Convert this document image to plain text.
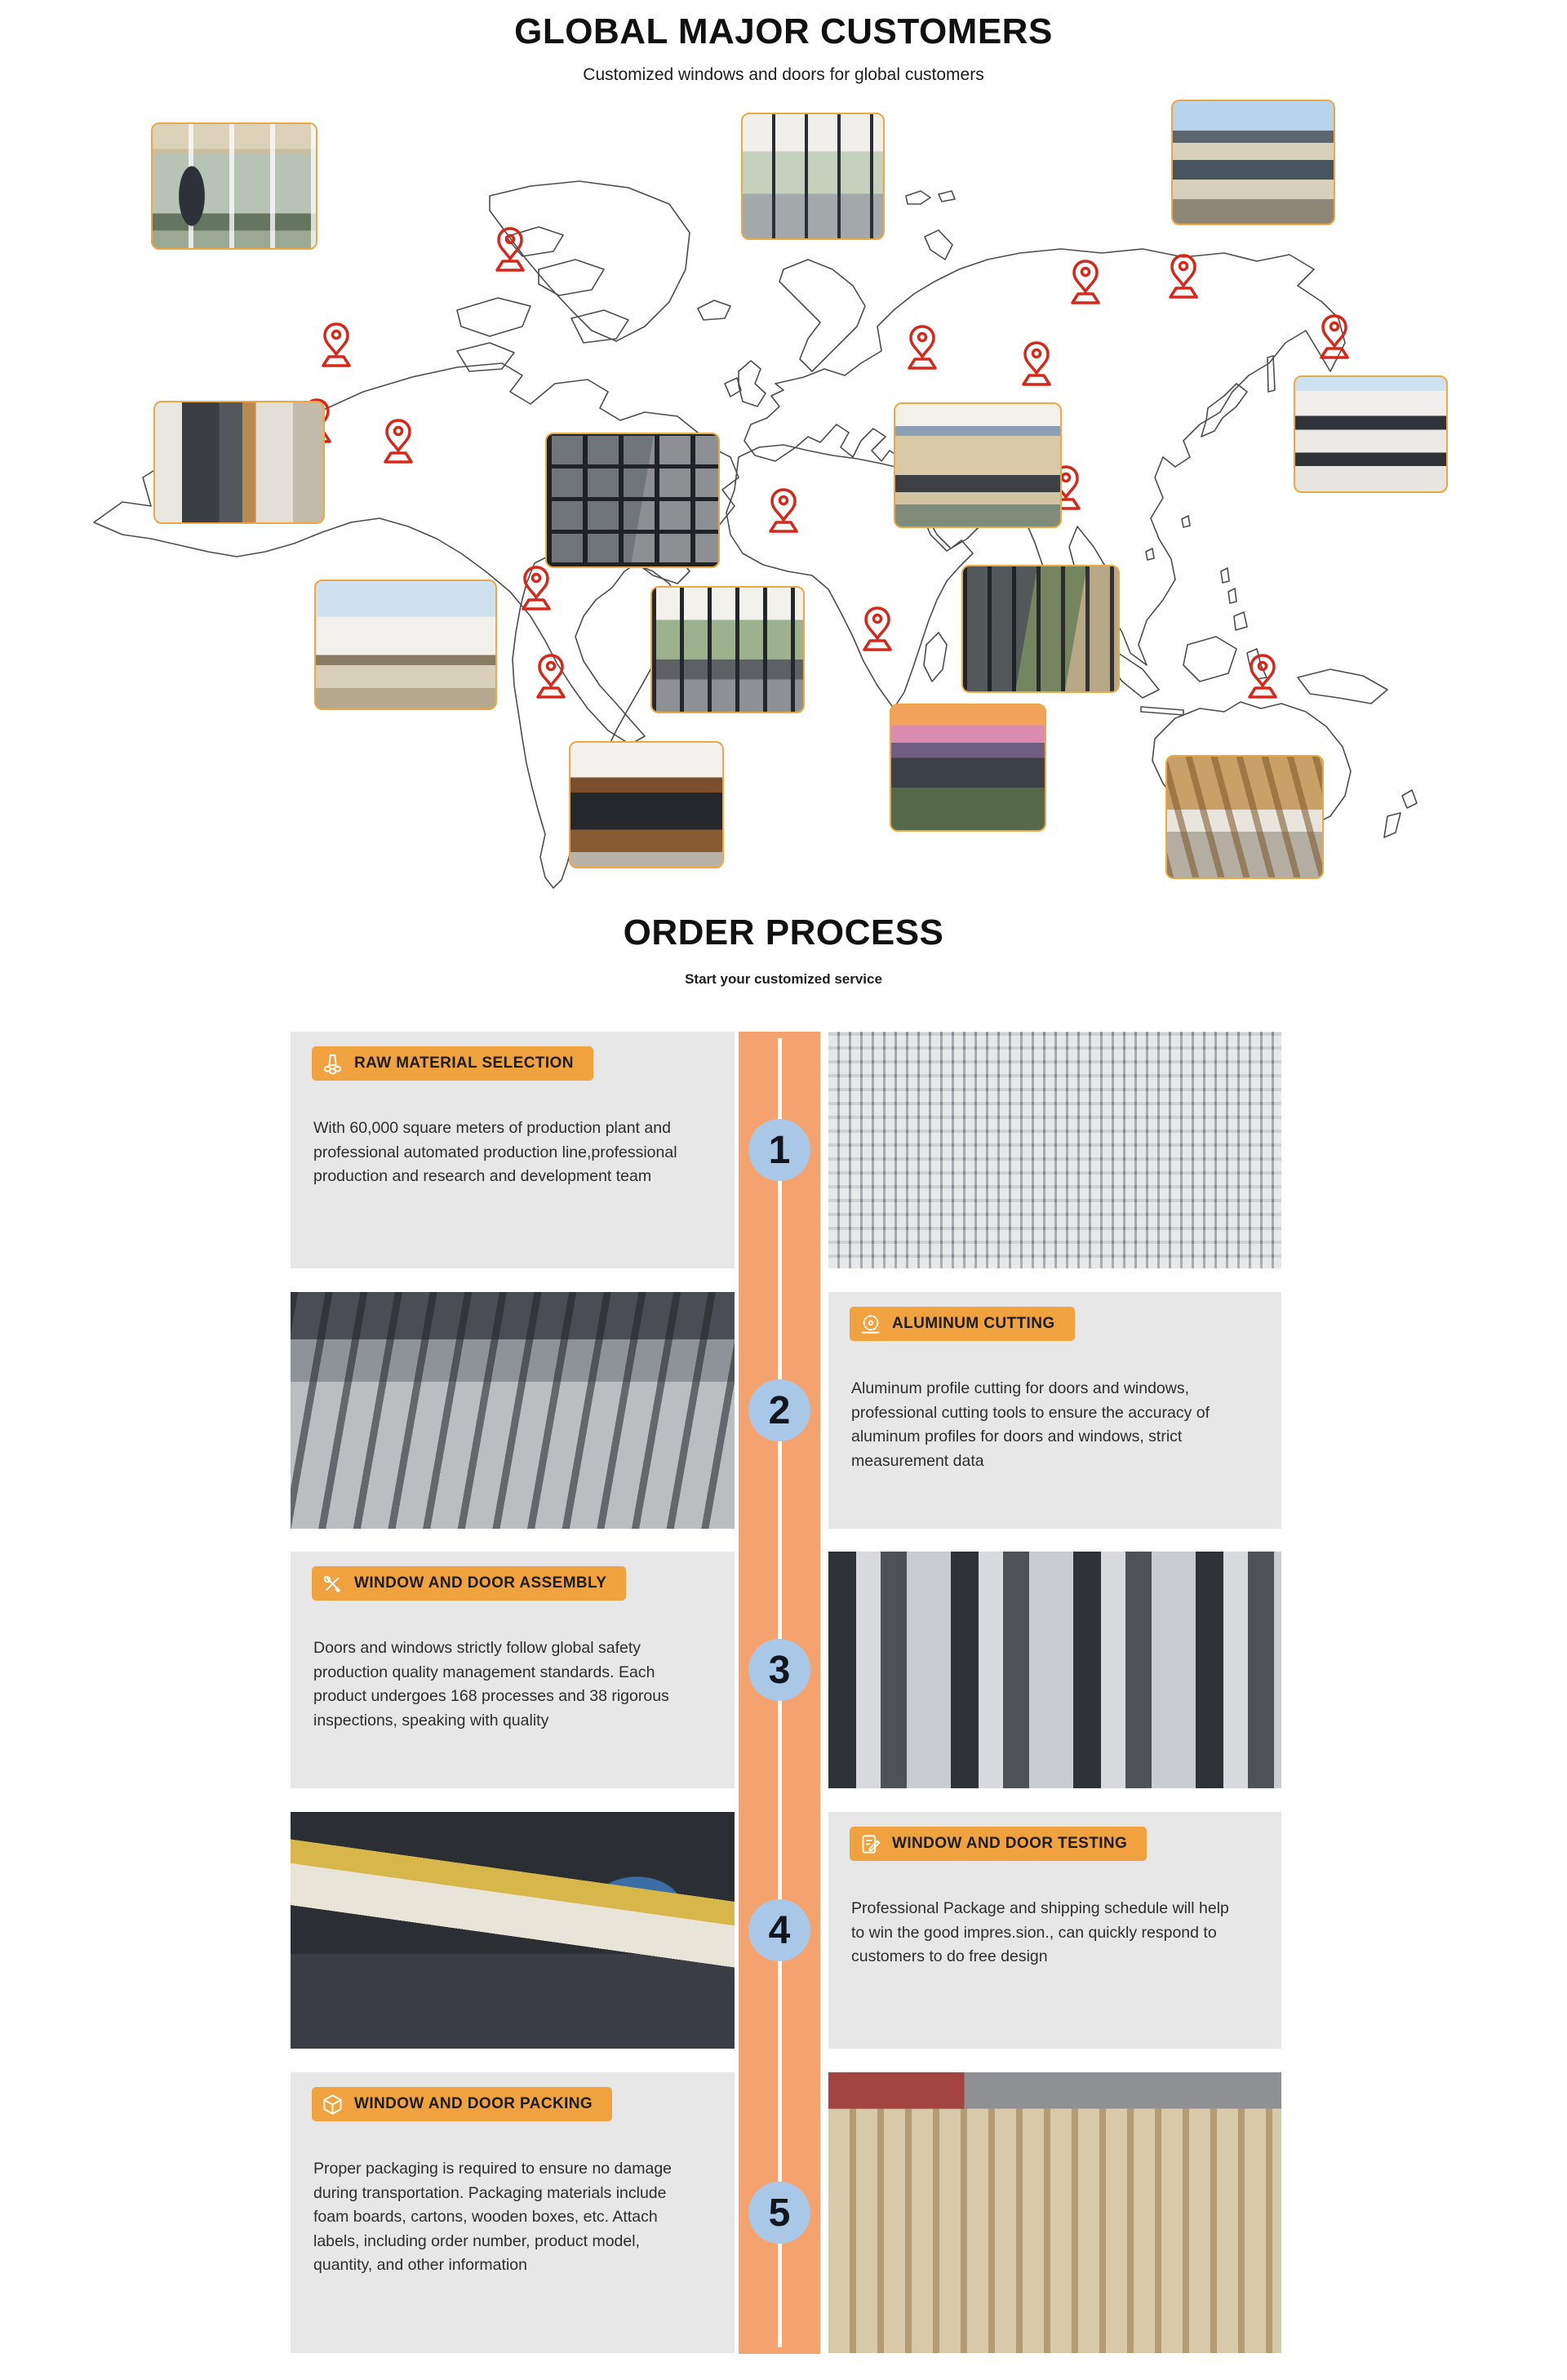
GLOBAL MAJOR CUSTOMERS
Customized windows and doors for global customers
ORDER PROCESS
Start your customized service
RAW MATERIAL SELECTION
With 60,000 square meters of production plant and professional automated production line,professional production and research and development team
ALUMINUM CUTTING
Aluminum profile cutting for doors and windows, professional cutting tools to ensure the accuracy of aluminum profiles for doors and windows, strict measurement data
WINDOW AND DOOR ASSEMBLY
Doors and windows strictly follow global safety production quality management standards. Each product undergoes 168 processes and 38 rigorous inspections, speaking with quality
WINDOW AND DOOR TESTING
Professional Package and shipping schedule will help to win the good impres.sion., can quickly respond to customers to do free design
WINDOW AND DOOR PACKING
Proper packaging is required to ensure no damage during transportation. Packaging materials include foam boards, cartons, wooden boxes, etc. Attach labels, including order number, product model, quantity, and other information
1
2
3
4
5
